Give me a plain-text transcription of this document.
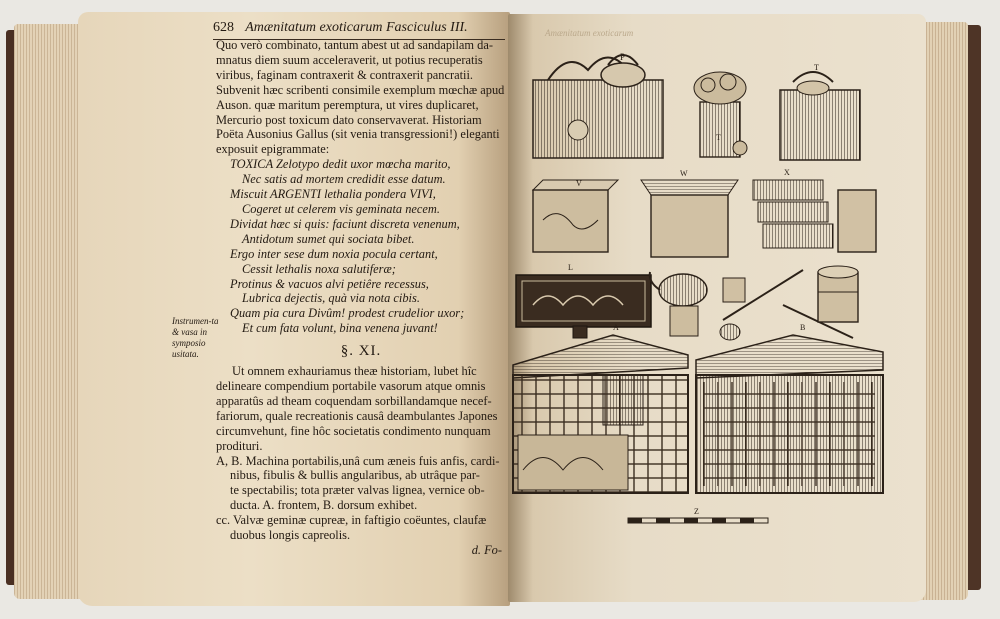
628 Amænitatum exoticarum Fasciculus III.
Quo verò combinato, tantum abest ut ad sandapilam da-
mnatus diem suum acceleraverit, ut potius recuperatis
viribus, faginam contraxerit & contraxerit pancratii.
Subvenit hæc scribenti consimile exemplum mœchæ apud
Auson. quæ maritum peremptura, ut vires duplicaret,
Mercurio post toxicum dato conservaverat. Historiam
Poëta Ausonius Gallus (sit venia transgressioni!) eleganti
exposuit epigrammate:
TOXICA Zelotypo dedit uxor mœcha marito,
Nec satis ad mortem credidit esse datum.
Miscuit ARGENTI lethalia pondera VIVI,
Cogeret ut celerem vis geminata necem.
Dividat hæc si quis: faciunt discreta venenum,
Antidotum sumet qui sociata bibet.
Ergo inter sese dum noxia pocula certant,
Cessit lethalis noxa salutiferæ;
Protinus & vacuos alvi petiêre recessus,
Lubrica dejectis, quà via nota cibis.
Quam pia cura Divûm! prodest crudelior uxor;
Et cum fata volunt, bina venena juvant!
§. XI.
Ut omnem exhauriamus theæ historiam, lubet hîc
delineare compendium portabile vasorum atque omnis
apparatûs ad theam coquendam sorbillandamque necef-
fariorum, quale recreationis causâ deambulantes Japones
circumvehunt, fine hôc societatis condimento nunquam
prodituri.
A, B. Machina portabilis,unâ cum æneis fuis anfis, cardi-
nibus, fibulis & bullis angularibus, ab utrâque par-
te spectabilis; tota præter valvas lignea, vernice ob-
ducta. A. frontem, B. dorsum exhibet.
cc. Valvæ geminæ cupreæ, in faftigio coëuntes, claufæ
duobus longis capreolis.
d. Fo-
Instrumen-ta & vasa in symposio usitata.
Amænitatum exoticarum
P
T
T
V
W	X
L
A	B
Z
